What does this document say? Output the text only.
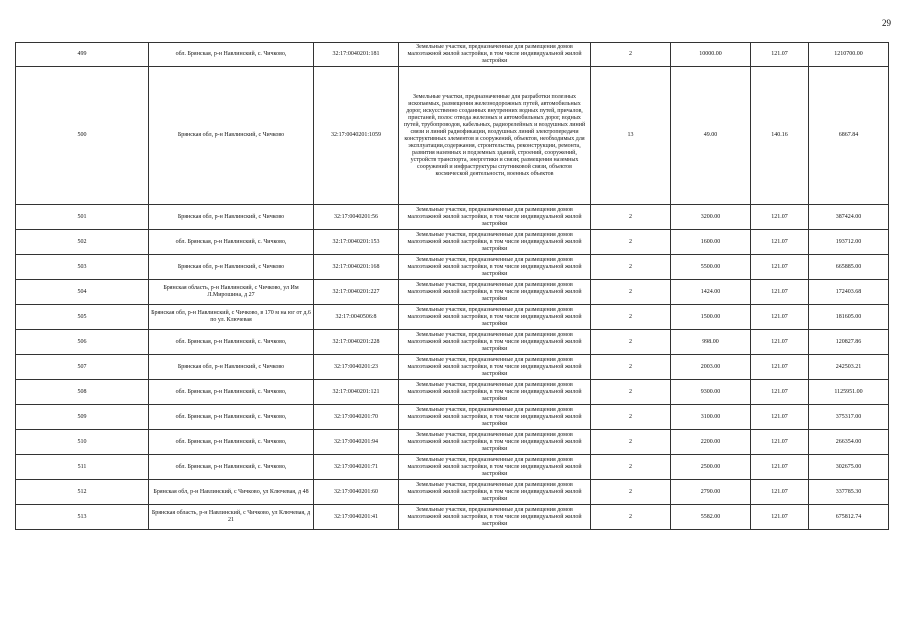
29
499	обл. Брянская, р-н Навлинский, с. Чичково,	32:17:0040201:181	Земельные участки, предназначенные для размещения домов малоэтажной жилой застройки, в том числе индивидуальной жилой застройки	2	10000.00	121.07	1210700.00
500	Брянская обл, р-н Навлинский, с Чичково	32:17:0040201:1059	Земельные участки, предназначенные для разработки полезных ископаемых, размещения железнодорожных путей, автомобильных дорог, искусственно созданных внутренних водных путей, причалов, пристаней, полос отвода железных и автомобильных дорог, водных путей, трубопроводов, кабельных, радиорелейных и воздушных линий связи и линий радиофикации, воздушных линий электропередачи конструктивных элементов и сооружений, объектов, необходимых для эксплуатации,содержания, строительства, реконструкции, ремонта, развития наземных и подземных зданий, строений, сооружений, устройств транспорта, энергетики и связи; размещения наземных сооружений и инфраструктуры спутниковой связи, объектов космической деятельности, военных объектов	13	49.00	140.16	6867.84
501	Брянская обл, р-н Навлинский, с Чичково	32:17:0040201:56	Земельные участки, предназначенные для размещения домов малоэтажной жилой застройки, в том числе индивидуальной жилой застройки	2	3200.00	121.07	387424.00
502	обл. Брянская, р-н Навлинский, с. Чичково,	32:17:0040201:153	Земельные участки, предназначенные для размещения домов малоэтажной жилой застройки, в том числе индивидуальной жилой застройки	2	1600.00	121.07	193712.00
503	Брянская обл, р-н Навлинский, с Чичково	32:17:0040201:168	Земельные участки, предназначенные для размещения домов малоэтажной жилой застройки, в том числе индивидуальной жилой застройки	2	5500.00	121.07	665885.00
504	Брянская область, р-н Навлинский, с Чичково, ул Им Л.Мирошина, д 27	32:17:0040201:227	Земельные участки, предназначенные для размещения домов малоэтажной жилой застройки, в том числе индивидуальной жилой застройки	2	1424.00	121.07	172403.68
505	Брянская обл, р-н Навлинский, с Чичково, в 170 м на юг от д.6 по ул. Ключевая	32:17:0040506:8	Земельные участки, предназначенные для размещения домов малоэтажной жилой застройки, в том числе индивидуальной жилой застройки	2	1500.00	121.07	181605.00
506	обл. Брянская, р-н Навлинский, с. Чичково,	32:17:0040201:228	Земельные участки, предназначенные для размещения домов малоэтажной жилой застройки, в том числе индивидуальной жилой застройки	2	998.00	121.07	120827.86
507	Брянская обл, р-н Навлинский, с Чичково	32:17:0040201:23	Земельные участки, предназначенные для размещения домов малоэтажной жилой застройки, в том числе индивидуальной жилой застройки	2	2003.00	121.07	242503.21
508	обл. Брянская, р-н Навлинский, с. Чичково,	32:17:0040201:121	Земельные участки, предназначенные для размещения домов малоэтажной жилой застройки, в том числе индивидуальной жилой застройки	2	9300.00	121.07	1125951.00
509	обл. Брянская, р-н Навлинский, с. Чичково,	32:17:0040201:70	Земельные участки, предназначенные для размещения домов малоэтажной жилой застройки, в том числе индивидуальной жилой застройки	2	3100.00	121.07	375317.00
510	обл. Брянская, р-н Навлинский, с. Чичково,	32:17:0040201:94	Земельные участки, предназначенные для размещения домов малоэтажной жилой застройки, в том числе индивидуальной жилой застройки	2	2200.00	121.07	266354.00
511	обл. Брянская, р-н Навлинский, с. Чичково,	32:17:0040201:71	Земельные участки, предназначенные для размещения домов малоэтажной жилой застройки, в том числе индивидуальной жилой застройки	2	2500.00	121.07	302675.00
512	Брянская обл, р-н Навлинский, с Чичково, ул Ключевая, д 48	32:17:0040201:60	Земельные участки, предназначенные для размещения домов малоэтажной жилой застройки, в том числе индивидуальной жилой застройки	2	2790.00	121.07	337785.30
513	Брянская область, р-н Навлинский, с Чичково, ул Ключевая, д 21	32:17:0040201:41	Земельные участки, предназначенные для размещения домов малоэтажной жилой застройки, в том числе индивидуальной жилой застройки	2	5582.00	121.07	675812.74
